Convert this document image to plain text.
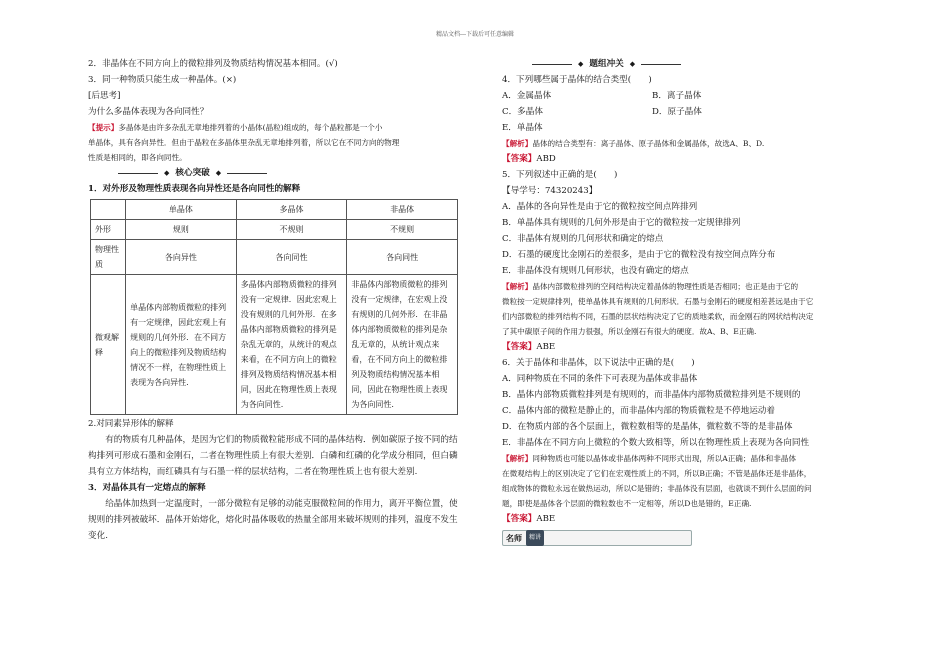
精品文档---下载后可任意编辑
2．非晶体在不同方向上的微粒排列及物质结构情况基本相同。(√)
3．同一种物质只能生成一种晶体。(×)
[后思考]
为什么多晶体表现为各向同性？
【提示】多晶体是由许多杂乱无章地排列着的小晶体(晶粒)组成的，每个晶粒都是一个小
单晶体，具有各向异性．但由于晶粒在多晶体里杂乱无章地排列着，所以它在不同方向的物理
性质是相同的，即各向同性。
◆ 核心突破 ◆
1．对外形及物理性质表现各向异性还是各向同性的解释
	单晶体	多晶体	非晶体
外形	规则	不规则	不规则
物理性质	各向异性	各向同性	各向同性
微观解释	单晶体内部物质微粒的排列有一定规律，因此宏观上有规则的几何外形．在不同方向上的微粒排列及物质结构情况不一样，在物理性质上表现为各向异性.	多晶体内部物质微粒的排列没有一定规律．因此宏观上没有规则的几何外形．在多晶体内部物质微粒的排列是杂乱无章的，从统计的观点来看，在不同方向上的微粒排列及物质结构情况基本相同，因此在物理性质上表现为各向同性.	非晶体内部物质微粒的排列没有一定规律，在宏观上没有规则的几何外形．在非晶体内部物质微粒的排列是杂乱无章的，从统计观点来看，在不同方向上的微粒排列及物质结构情况基本相同，因此在物理性质上表现为各向同性.
2.对同素异形体的解释
有的物质有几种晶体，是因为它们的物质微粒能形成不同的晶体结构．例如碳原子按不同的结构排列可形成石墨和金刚石，二者在物理性质上有很大差别．白磷和红磷的化学成分相同，但白磷具有立方体结构，而红磷具有与石墨一样的层状结构，二者在物理性质上也有很大差别.
3．对晶体具有一定熔点的解释
给晶体加热到一定温度时，一部分微粒有足够的动能克服微粒间的作用力，离开平衡位置，使规则的排列被破坏．晶体开始熔化，熔化时晶体吸收的热量全部用来破坏规则的排列，温度不发生变化.
◆ 题组冲关 ◆
4．下列哪些属于晶体的结合类型(　　)
A．金属晶体	B．离子晶体
C．多晶体	D．原子晶体
E．单晶体
【解析】晶体的结合类型有：离子晶体、原子晶体和金属晶体，故选A、B、D.
【答案】ABD
5．下列叙述中正确的是(　　)
【导学号：74320243】
A．晶体的各向异性是由于它的微粒按空间点阵排列
B．单晶体具有规则的几何外形是由于它的微粒按一定规律排列
C．非晶体有规则的几何形状和确定的熔点
D．石墨的硬度比金刚石的差很多，是由于它的微粒没有按空间点阵分布
E．非晶体没有规则几何形状，也没有确定的熔点
【解析】晶体内部微粒排列的空间结构决定着晶体的物理性质是否相同；也正是由于它的
微粒按一定规律排列，使单晶体具有规则的几何形状．石墨与金刚石的硬度相差甚远是由于它
们内部微粒的排列结构不同，石墨的层状结构决定了它的质地柔软，而金刚石的网状结构决定
了其中碳原子间的作用力很强，所以金刚石有很大的硬度．故A、B、E正确.
【答案】ABE
6．关于晶体和非晶体，以下说法中正确的是(　　)
A．同种物质在不同的条件下可表现为晶体或非晶体
B．晶体内部物质微粒排列是有规则的，而非晶体内部物质微粒排列是不规则的
C．晶体内部的微粒是静止的，而非晶体内部的物质微粒是不停地运动着
D．在物质内部的各个层面上，微粒数相等的是晶体，微粒数不等的是非晶体
E．非晶体在不同方向上微粒的个数大致相等，所以在物理性质上表现为各向同性
【解析】同种物质也可能以晶体或非晶体两种不同形式出现，所以A正确；晶体和非晶体
在微观结构上的区别决定了它们在宏观性质上的不同，所以B正确；不管是晶体还是非晶体，
组成物体的微粒永远在做热运动，所以C是错的；非晶体没有层面，也就谈不到什么层面的问
题，即使是晶体各个层面的微粒数也不一定相等，所以D也是错的，E正确.
【答案】ABE
名师	精讲
